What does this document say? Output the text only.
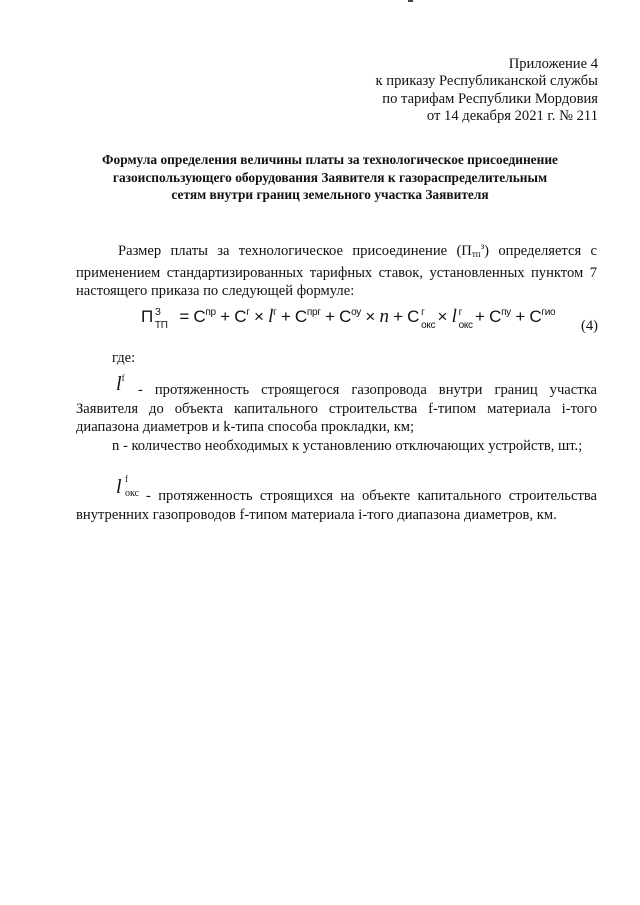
Приложение 4
к приказу Республиканской службы
по тарифам Республики Мордовия
от 14 декабря 2021 г. № 211
Формула определения величины платы за технологическое присоединение
газоиспользующего оборудования Заявителя к газораспределительным
сетям внутри границ земельного участка Заявителя
Размер платы за технологическое присоединение $(П_{тп}^з)$ определяется с применением стандартизированных тарифных ставок, установленных пунктом 7 настоящего приказа по следующей формуле:
П З
ТП = $C^{пр} + C^г \times l^г + C^{прг} + C^{оу} \times n + C$ г
окс
× l г
окс
+ $C^{пу} + C^{гио}$
(4)
где:
$l^f$
- протяженность строящегося газопровода внутри границ участка Заявителя до объекта капитального строительства f-типом материала i-того диапазона диаметров и k-типа способа прокладки, км;
n - количество необходимых к установлению отключающих устройств, шт.;
l f
окс - протяженность строящихся на объекте капитального строительства внутренних газопроводов f-типом материала i-того диапазона диаметров, км.
